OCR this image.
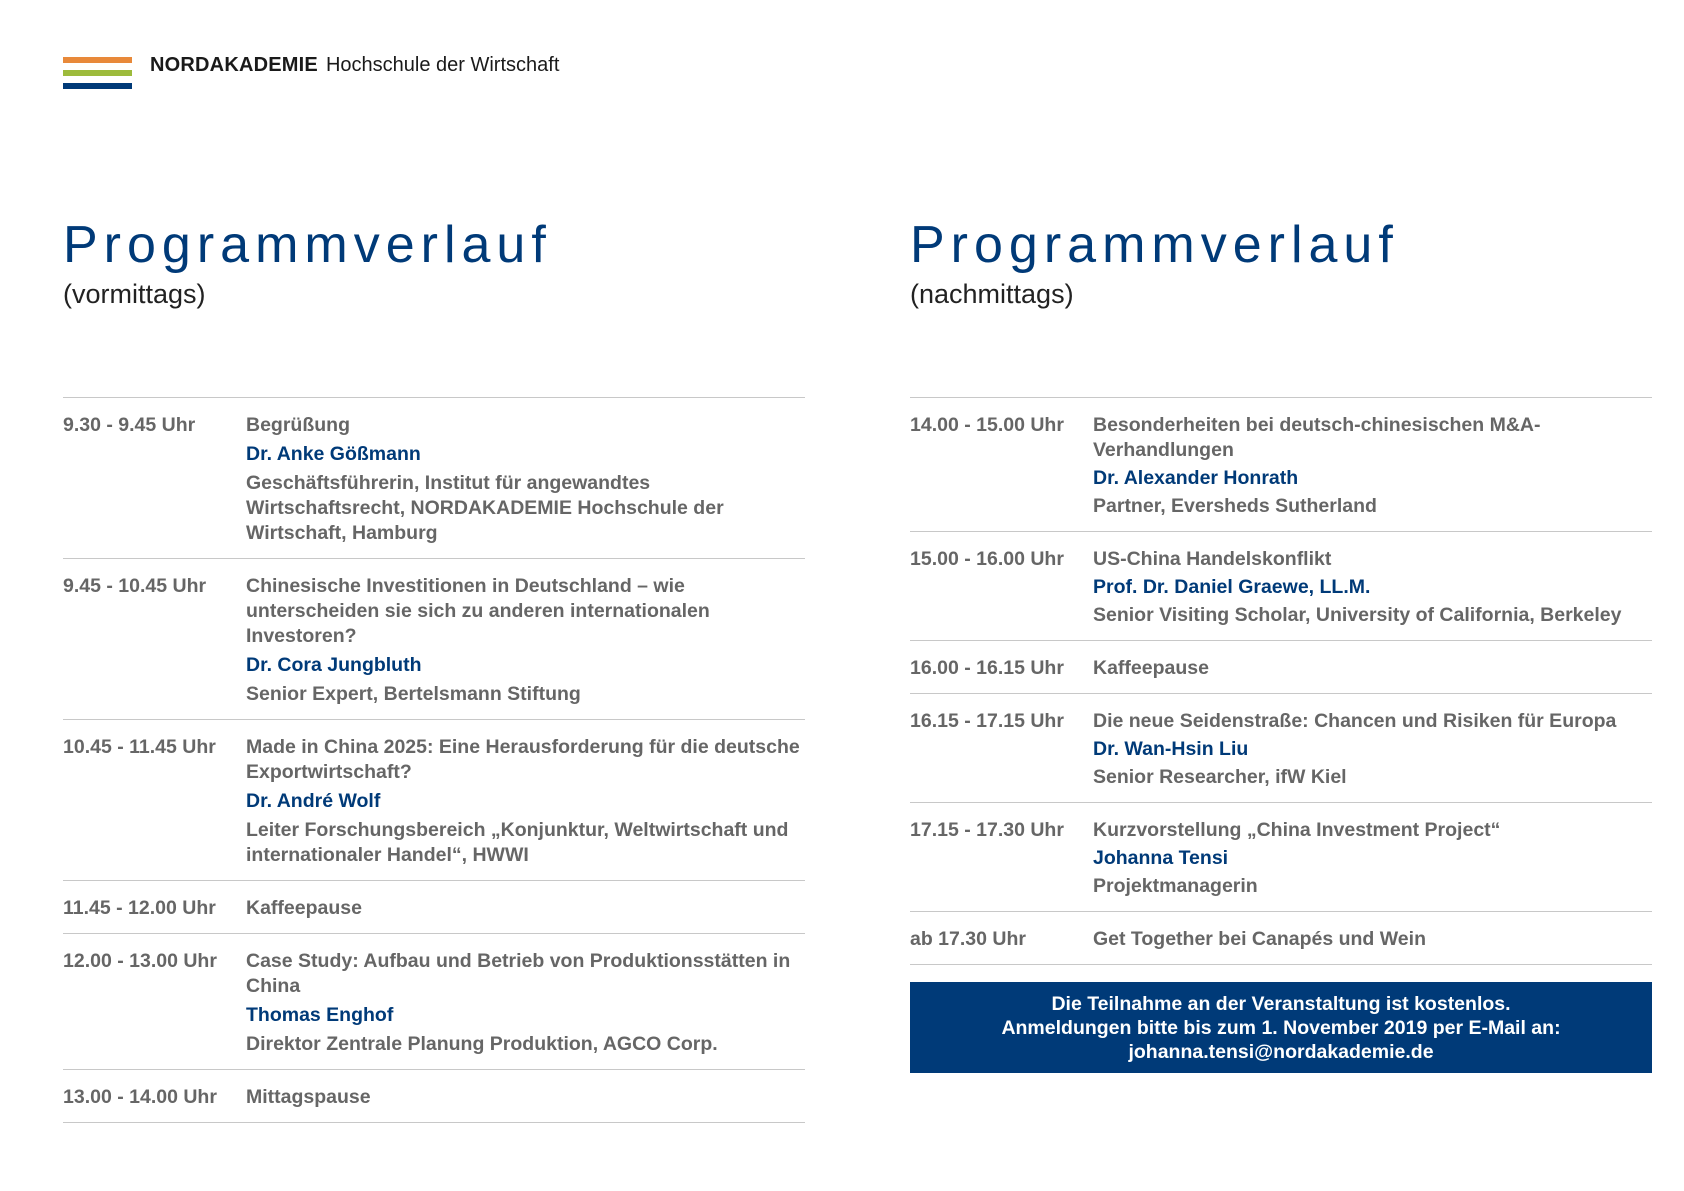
NORDAKADEMIE Hochschule der Wirtschaft
Programmverlauf
(vormittags)
Programmverlauf
(nachmittags)
9.30 - 9.45 Uhr	Begrüßung
Dr. Anke Gößmann
Geschäftsführerin, Institut für angewandtes Wirtschaftsrecht, NORDAKADEMIE Hochschule der Wirtschaft, Hamburg
9.45 - 10.45 Uhr	Chinesische Investitionen in Deutschland – wie unterscheiden sie sich zu anderen internationalen Investoren?
Dr. Cora Jungbluth
Senior Expert, Bertelsmann Stiftung
10.45 - 11.45 Uhr	Made in China 2025: Eine Herausforderung für die deutsche Exportwirtschaft?
Dr. André Wolf
Leiter Forschungsbereich „Konjunktur, Weltwirtschaft und internationaler Handel“, HWWI
11.45 - 12.00 Uhr	Kaffeepause
12.00 - 13.00 Uhr	Case Study: Aufbau und Betrieb von Produktionsstätten in China
Thomas Enghof
Direktor Zentrale Planung Produktion, AGCO Corp.
13.00 - 14.00 Uhr	Mittagspause
14.00 - 15.00 Uhr	Besonderheiten bei deutsch-chinesischen M&A-Verhandlungen
Dr. Alexander Honrath
Partner, Eversheds Sutherland
15.00 - 16.00 Uhr	US-China Handelskonflikt
Prof. Dr. Daniel Graewe, LL.M.
Senior Visiting Scholar, University of California, Berkeley
16.00 - 16.15 Uhr	Kaffeepause
16.15 - 17.15 Uhr	Die neue Seidenstraße: Chancen und Risiken für Europa
Dr. Wan-Hsin Liu
Senior Researcher, ifW Kiel
17.15 - 17.30 Uhr	Kurzvorstellung „China Investment Project“
Johanna Tensi
Projektmanagerin
ab 17.30 Uhr	Get Together bei Canapés und Wein
Die Teilnahme an der Veranstaltung ist kostenlos.
Anmeldungen bitte bis zum 1. November 2019 per E-Mail an:
johanna.tensi@nordakademie.de
